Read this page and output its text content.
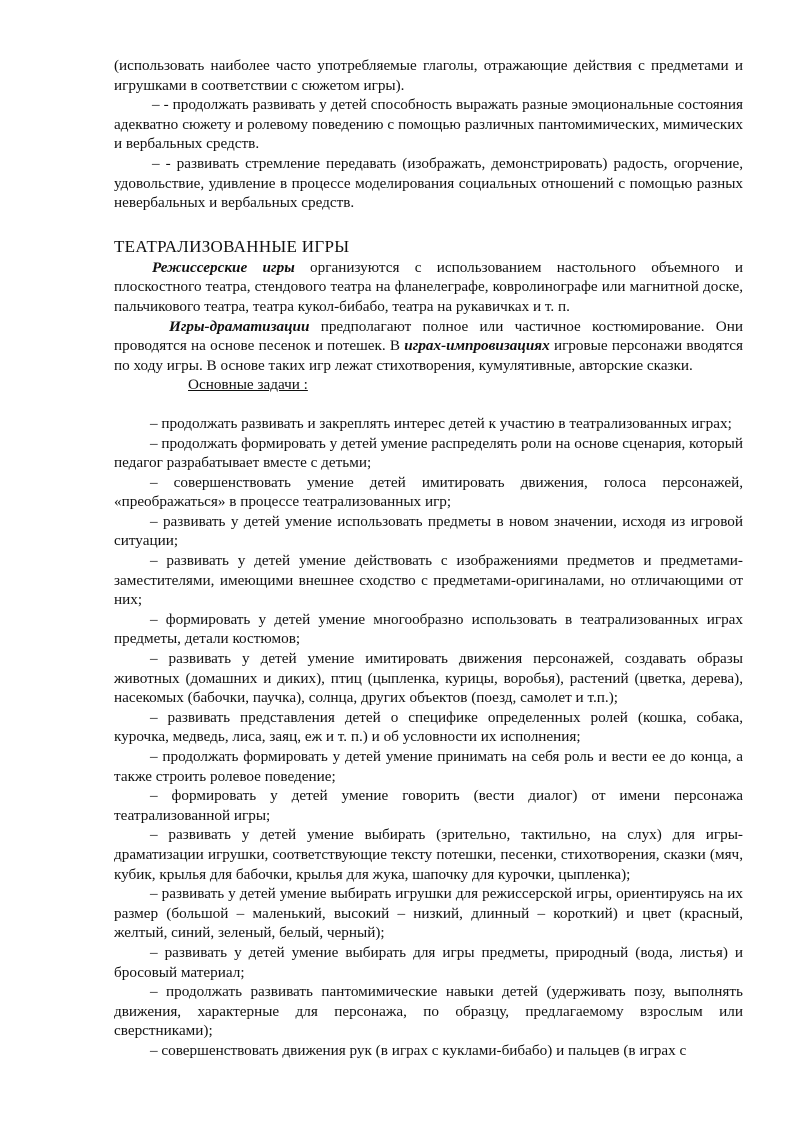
(использовать наиболее часто употребляемые глаголы, отражающие действия с предметами и игрушками в соответствии с сюжетом игры).

– - продолжать развивать у детей способность выражать разные эмоциональные состояния адекватно сюжету и ролевому поведению с помощью различных пантомимических, мимических и вербальных средств.

– - развивать стремление передавать (изображать, демонстрировать) радость, огорчение, удовольствие, удивление в процессе моделирования социальных отношений с помощью разных невербальных и вербальных средств.

ТЕАТРАЛИЗОВАННЫЕ ИГРЫ

Режиссерские игры организуются с использованием настольного объемного и плоскостного театра, стендового театра на фланелеграфе, ковролинографе или магнитной доске, пальчикового театра, театра кукол-бибабо, театра на рукавичках и т. п.

Игры-драматизации предполагают полное или частичное костюмирование. Они проводятся на основе песенок и потешек. В играх-импровизациях игровые персонажи вводятся по ходу игры. В основе таких игр лежат стихотворения, кумулятивные, авторские сказки.

Основные задачи :

– продолжать развивать и закреплять интерес детей к участию в театрализованных играх;

– продолжать формировать у детей умение распределять роли на основе сценария, который педагог разрабатывает вместе с детьми;

– совершенствовать умение детей имитировать движения, голоса персонажей, «преображаться» в процессе театрализованных игр;

– развивать у детей умение использовать предметы в новом значении, исходя из игровой ситуации;

– развивать у детей умение действовать с изображениями предметов и предметами-заместителями, имеющими внешнее сходство с предметами-оригиналами, но отличающими от них;

– формировать у детей умение многообразно использовать в театрализованных играх предметы, детали костюмов;

– развивать у детей умение имитировать движения персонажей, создавать образы животных (домашних и диких), птиц (цыпленка, курицы, воробья), растений (цветка, дерева), насекомых (бабочки, паучка), солнца, других объектов (поезд, самолет и т.п.);

– развивать представления детей о специфике определенных ролей (кошка, собака, курочка, медведь, лиса, заяц, еж и т. п.) и об условности их исполнения;

– продолжать формировать у детей умение принимать на себя роль и вести ее до конца, а также строить ролевое поведение;

– формировать у детей умение говорить (вести диалог) от имени персонажа театрализованной игры;

– развивать у детей умение выбирать (зрительно, тактильно, на слух) для игры-драматизации игрушки, соответствующие тексту потешки, песенки, стихотворения, сказки (мяч, кубик, крылья для бабочки, крылья для жука, шапочку для курочки, цыпленка);

– развивать у детей умение выбирать игрушки для режиссерской игры, ориентируясь на их размер (большой – маленький, высокий – низкий, длинный – короткий) и цвет (красный, желтый, синий, зеленый, белый, черный);

– развивать у детей умение выбирать для игры предметы, природный (вода, листья) и бросовый материал;

– продолжать развивать пантомимические навыки детей (удерживать позу, выполнять движения, характерные для персонажа, по образцу, предлагаемому взрослым или сверстниками);

– совершенствовать движения рук (в играх с куклами-бибабо) и пальцев (в играх с
